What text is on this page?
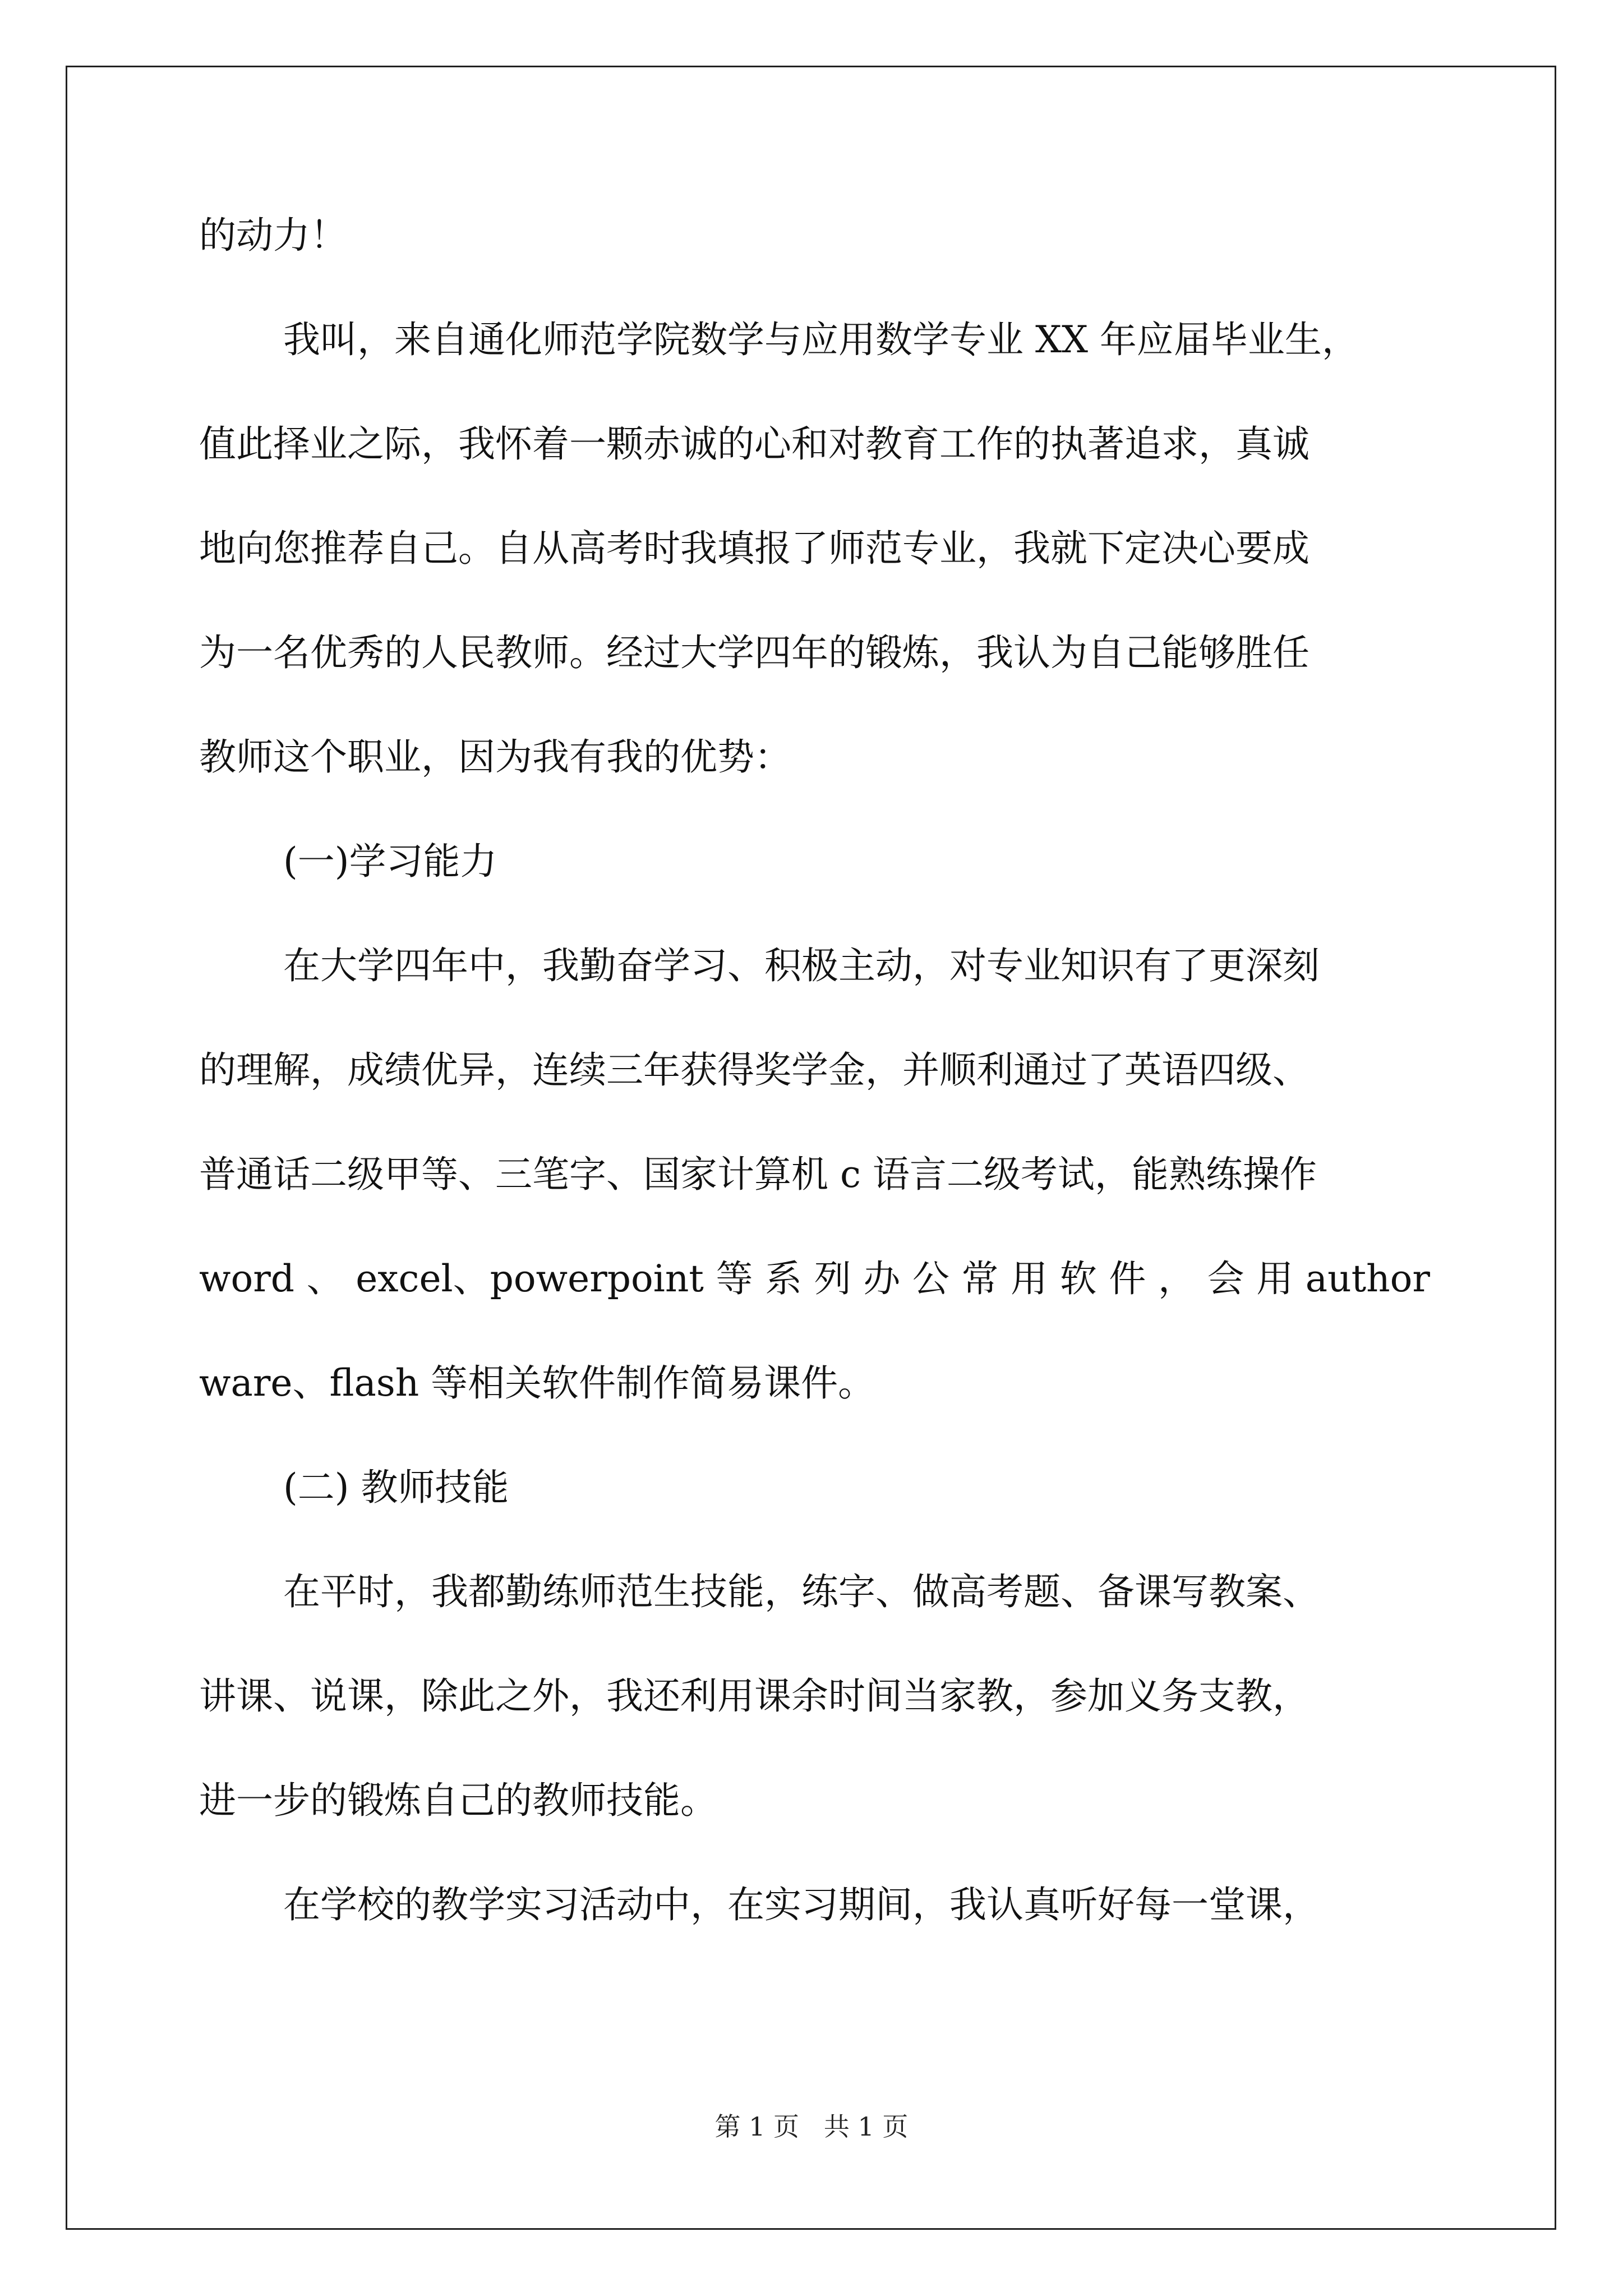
的动力！
我叫，来自通化师范学院数学与应用数学专业 XX 年应届毕业生，
值此择业之际，我怀着一颗赤诚的心和对教育工作的执著追求，真诚
地向您推荐自己。自从高考时我填报了师范专业，我就下定决心要成
为一名优秀的人民教师。经过大学四年的锻炼，我认为自己能够胜任
教师这个职业，因为我有我的优势：
(一)学习能力
在大学四年中，我勤奋学习、积极主动，对专业知识有了更深刻
的理解，成绩优异，连续三年获得奖学金，并顺利通过了英语四级、
普通话二级甲等、三笔字、国家计算机 c 语言二级考试，能熟练操作
word 、 excel、powerpoint 等 系 列 办 公 常 用 软 件 ， 会 用 author
ware、flash 等相关软件制作简易课件。
(二) 教师技能
在平时，我都勤练师范生技能，练字、做高考题、备课写教案、
讲课、说课，除此之外，我还利用课余时间当家教，参加义务支教，
进一步的锻炼自己的教师技能。
在学校的教学实习活动中，在实习期间，我认真听好每一堂课，
第 1 页   共 1 页
